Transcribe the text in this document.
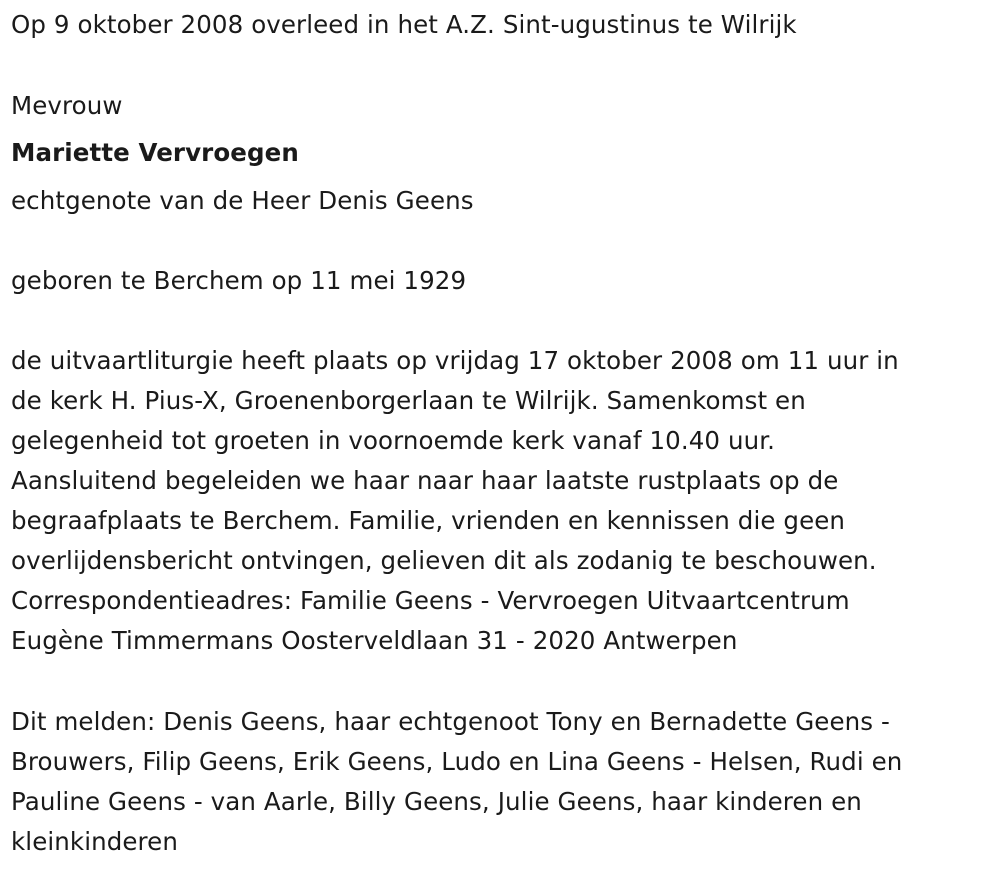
Op 9 oktober 2008 overleed in het A.Z. Sint-ugustinus te Wilrijk
Mevrouw
Mariette Vervroegen
echtgenote van de Heer Denis Geens
geboren te Berchem op 11 mei 1929
de uitvaartliturgie heeft plaats op vrijdag 17 oktober 2008 om 11 uur in
de kerk H. Pius-X, Groenenborgerlaan te Wilrijk. Samenkomst en
gelegenheid tot groeten in voornoemde kerk vanaf 10.40 uur.
Aansluitend begeleiden we haar naar haar laatste rustplaats op de
begraafplaats te Berchem. Familie, vrienden en kennissen die geen
overlijdensbericht ontvingen, gelieven dit als zodanig te beschouwen.
Correspondentieadres: Familie Geens - Vervroegen Uitvaartcentrum
Eugène Timmermans Oosterveldlaan 31 - 2020 Antwerpen
Dit melden: Denis Geens, haar echtgenoot Tony en Bernadette Geens -
Brouwers, Filip Geens, Erik Geens, Ludo en Lina Geens - Helsen, Rudi en
Pauline Geens - van Aarle, Billy Geens, Julie Geens, haar kinderen en
kleinkinderen
